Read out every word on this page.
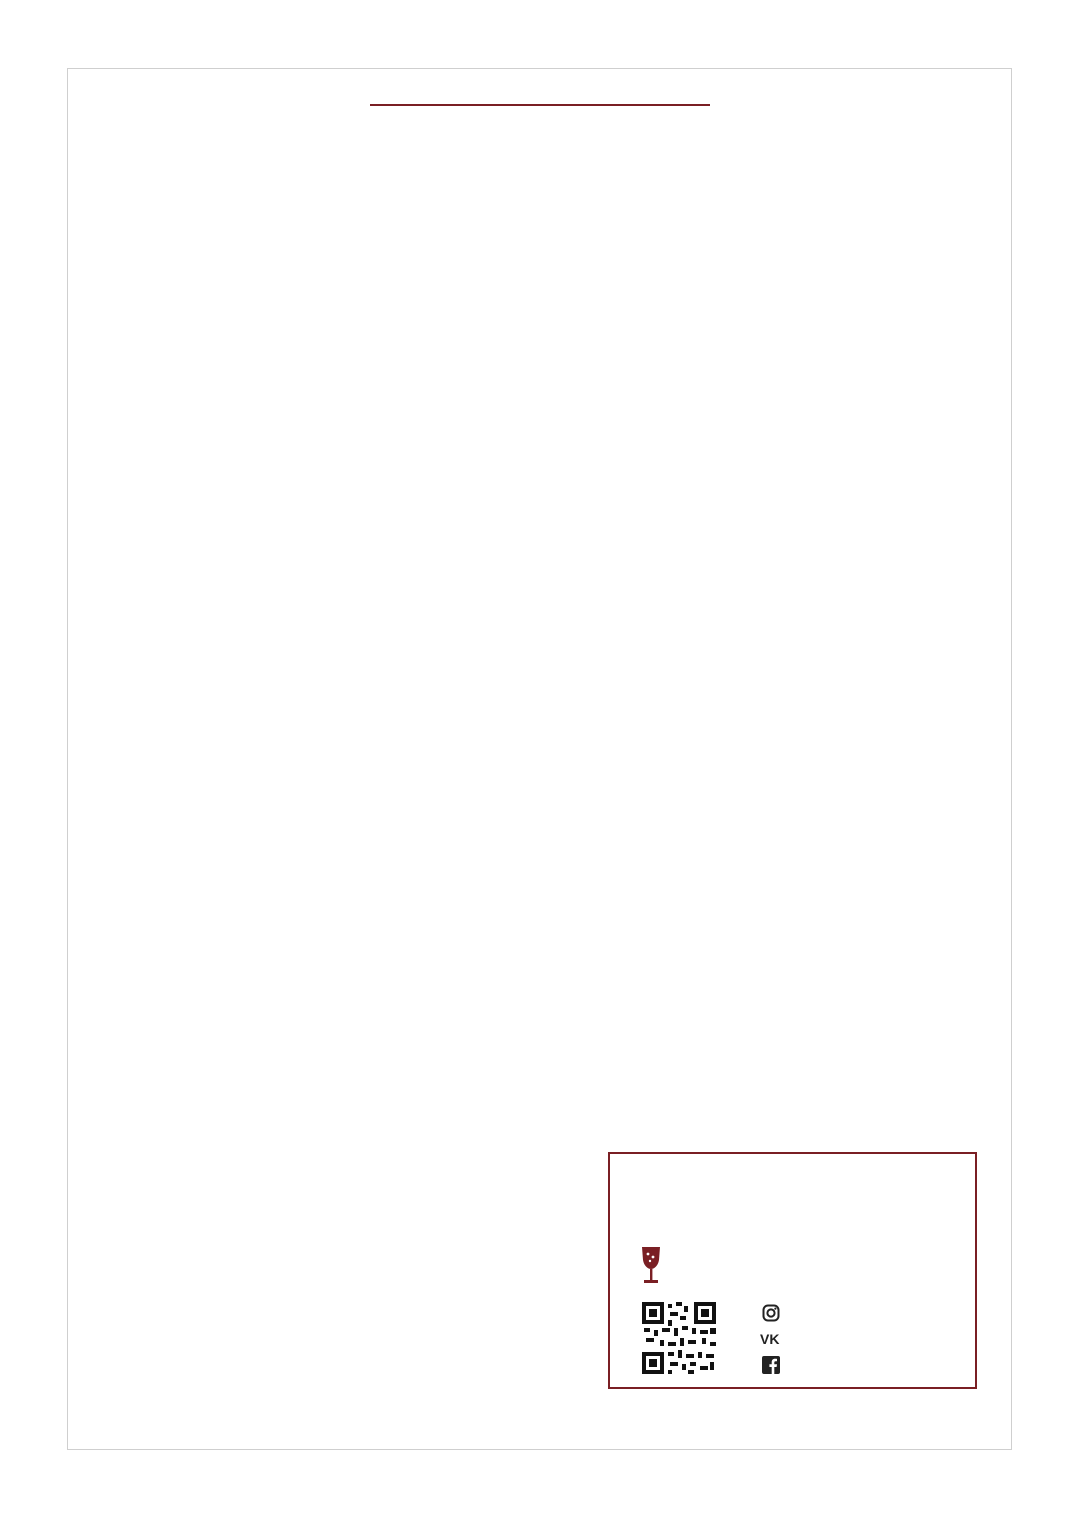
VK
